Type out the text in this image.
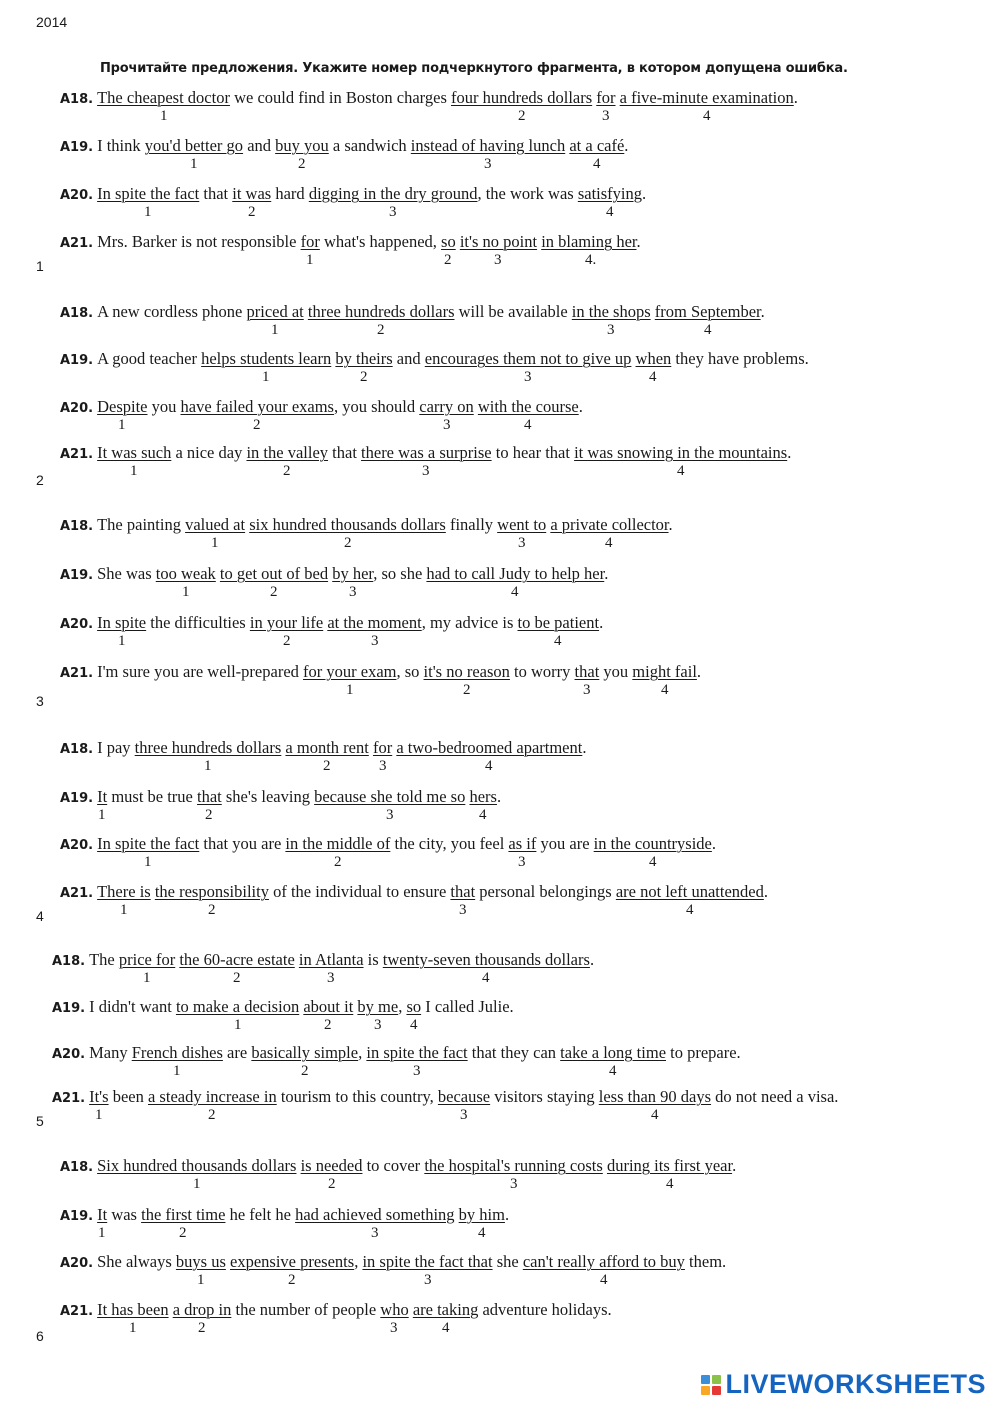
2014
Прочитайте предложения. Укажите номер подчеркнутого фрагмента, в котором допущена ошибка.
A18. The cheapest doctor we could find in Boston charges four hundreds dollars for a five-minute examination.
1	2	3	4
A19. I think you'd better go and buy you a sandwich instead of having lunch at a café.
1	2	3	4
A20. In spite the fact that it was hard digging in the dry ground, the work was satisfying.
1	2	3	4
A21. Mrs. Barker is not responsible for what's happened, so it's no point in blaming her.
1	2	3	4.
1
A18. A new cordless phone priced at three hundreds dollars will be available in the shops from September.
1	2	3	4
A19. A good teacher helps students learn by theirs and encourages them not to give up when they have problems.
1	2	3	4
A20. Despite you have failed your exams, you should carry on with the course.
1	2	3	4
A21. It was such a nice day in the valley that there was a surprise to hear that it was snowing in the mountains.
1	2	3	4
2
A18. The painting valued at six hundred thousands dollars finally went to a private collector.
1	2	3	4
A19. She was too weak to get out of bed by her, so she had to call Judy to help her.
1	2	3	4
A20. In spite the difficulties in your life at the moment, my advice is to be patient.
1	2	3	4
A21. I'm sure you are well-prepared for your exam, so it's no reason to worry that you might fail.
1	2	3	4
3
A18. I pay three hundreds dollars a month rent for a two-bedroomed apartment.
1	2	3	4
A19. It must be true that she's leaving because she told me so hers.
1	2	3	4
A20. In spite the fact that you are in the middle of the city, you feel as if you are in the countryside.
1	2	3	4
A21. There is the responsibility of the individual to ensure that personal belongings are not left unattended.
1	2	3	4
4
A18. The price for the 60-acre estate in Atlanta is twenty-seven thousands dollars.
1	2	3	4
A19. I didn't want to make a decision about it by me, so I called Julie.
1	2	3 4
A20. Many French dishes are basically simple, in spite the fact that they can take a long time to prepare.
1	2	3	4
A21. It's been a steady increase in tourism to this country, because visitors staying less than 90 days do not need a visa.
1	2	3	4
5
A18. Six hundred thousands dollars is needed to cover the hospital's running costs during its first year.
1	2	3	4
A19. It was the first time he felt he had achieved something by him.
1	2	3	4
A20. She always buys us expensive presents, in spite the fact that she can't really afford to buy them.
1	2	3	4
A21. It has been a drop in the number of people who are taking adventure holidays.
1	2	3	4
6
LIVEWORKSHEETS
